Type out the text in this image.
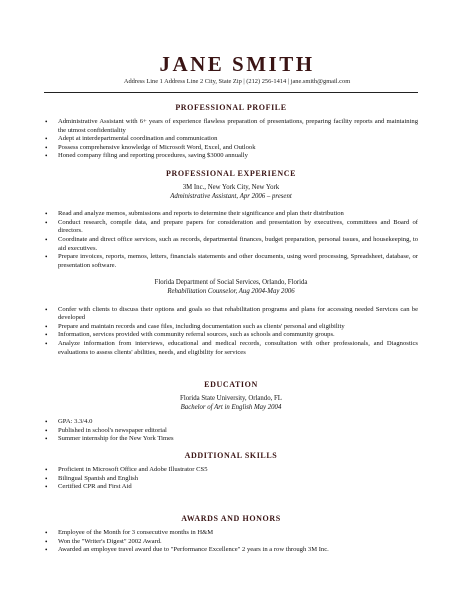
JANE SMITH
Address Line 1 Address Line 2 City, State Zip | (212) 256-1414 | jane.smith@gmail.com
PROFESSIONAL PROFILE
• Administrative Assistant with 6+ years of experience flawless preparation of presentations, preparing facility reports and maintaining the utmost confidentiality
• Adept at interdepartmental coordination and communication
• Possess comprehensive knowledge of Microsoft Word, Excel, and Outlook
• Honed company filing and reporting procedures, saving $3000 annually
PROFESSIONAL EXPERIENCE
3M Inc., New York City, New York
Administrative Assistant, Apr 2006 – present
• Read and analyze memos, submissions and reports to determine their significance and plan their distribution
• Conduct research, compile data, and prepare papers for consideration and presentation by executives, committees and Board of directors.
• Coordinate and direct office services, such as records, departmental finances, budget preparation, personal issues, and housekeeping, to aid executives.
• Prepare invoices, reports, memos, letters, financials statements and other documents, using word processing, Spreadsheet, database, or presentation software.
Florida Department of Social Services, Orlando, Florida
Rehabilitation Counselor, Aug 2004-May 2006
• Confer with clients to discuss their options and goals so that rehabilitation programs and plans for accessing needed Services can be developed
• Prepare and maintain records and case files, including documentation such as clients' personal and eligibility
• Information, services provided with community referral sources, such as schools and community groups.
• Analyze information from interviews, educational and medical records, consultation with other professionals, and Diagnostics evaluations to assess clients' abilities, needs, and eligibility for services
EDUCATION
Florida State University, Orlando, FL
Bachelor of Art in English May 2004
• GPA: 3.3/4.0
• Published in school's newspaper editorial
• Summer internship for the New York Times
ADDITIONAL SKILLS
• Proficient in Microsoft Office and Adobe Illustrator CS5
• Bilingual Spanish and English
• Certified CPR and First Aid
AWARDS AND HONORS
• Employee of the Month for 3 consecutive months in H&M
• Won the "Writer's Digest" 2002 Award.
• Awarded an employee travel award due to "Performance Excellence" 2 years in a row through 3M Inc.
